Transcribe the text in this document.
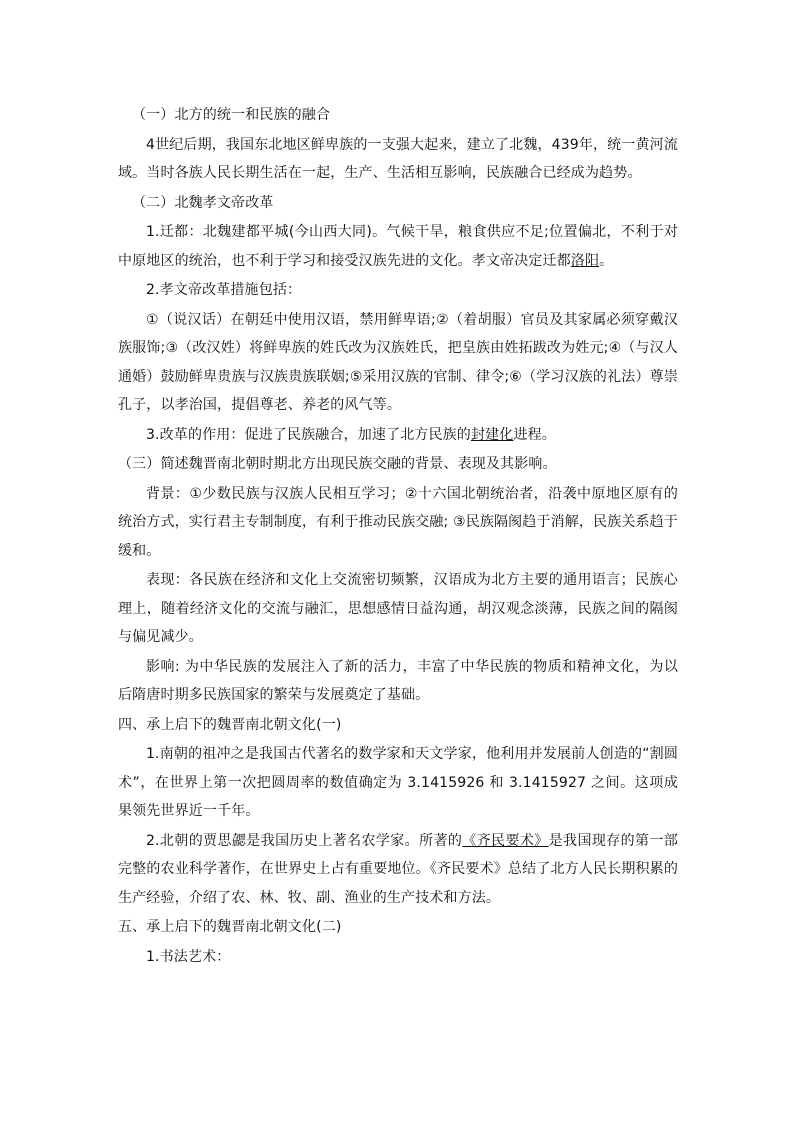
（一）北方的统一和民族的融合

4世纪后期，我国东北地区鲜卑族的一支强大起来，建立了北魏，439年，统一黄河流域。当时各族人民长期生活在一起，生产、生活相互影响，民族融合已经成为趋势。

（二）北魏孝文帝改革

1.迁都：北魏建都平城(今山西大同)。气候干旱，粮食供应不足;位置偏北，不利于对中原地区的统治，也不利于学习和接受汉族先进的文化。孝文帝决定迁都洛阳。

2.孝文帝改革措施包括：

①（说汉话）在朝廷中使用汉语，禁用鲜卑语;②（着胡服）官员及其家属必须穿戴汉族服饰;③（改汉姓）将鲜卑族的姓氏改为汉族姓氏，把皇族由姓拓跋改为姓元;④（与汉人通婚）鼓励鲜卑贵族与汉族贵族联姻;⑤采用汉族的官制、律令;⑥（学习汉族的礼法）尊崇孔子，以孝治国，提倡尊老、养老的风气等。

3.改革的作用：促进了民族融合，加速了北方民族的封建化进程。

（三）简述魏晋南北朝时期北方出现民族交融的背景、表现及其影响。

背景：①少数民族与汉族人民相互学习；②十六国北朝统治者，沿袭中原地区原有的统治方式，实行君主专制制度，有利于推动民族交融; ③民族隔阂趋于消解，民族关系趋于缓和。

表现：各民族在经济和文化上交流密切频繁，汉语成为北方主要的通用语言；民族心理上，随着经济文化的交流与融汇，思想感情日益沟通，胡汉观念淡薄，民族之间的隔阂与偏见减少。

影响: 为中华民族的发展注入了新的活力，丰富了中华民族的物质和精神文化，为以后隋唐时期多民族国家的繁荣与发展奠定了基础。

四、承上启下的魏晋南北朝文化(一)

1.南朝的祖冲之是我国古代著名的数学家和天文学家，他利用并发展前人创造的“割圆术”，在世界上第一次把圆周率的数值确定为 3.1415926 和 3.1415927 之间。这项成果领先世界近一千年。

2.北朝的贾思勰是我国历史上著名农学家。所著的《齐民要术》是我国现存的第一部完整的农业科学著作，在世界史上占有重要地位。《齐民要术》总结了北方人民长期积累的生产经验，介绍了农、林、牧、副、渔业的生产技术和方法。

五、承上启下的魏晋南北朝文化(二)

1.书法艺术：
